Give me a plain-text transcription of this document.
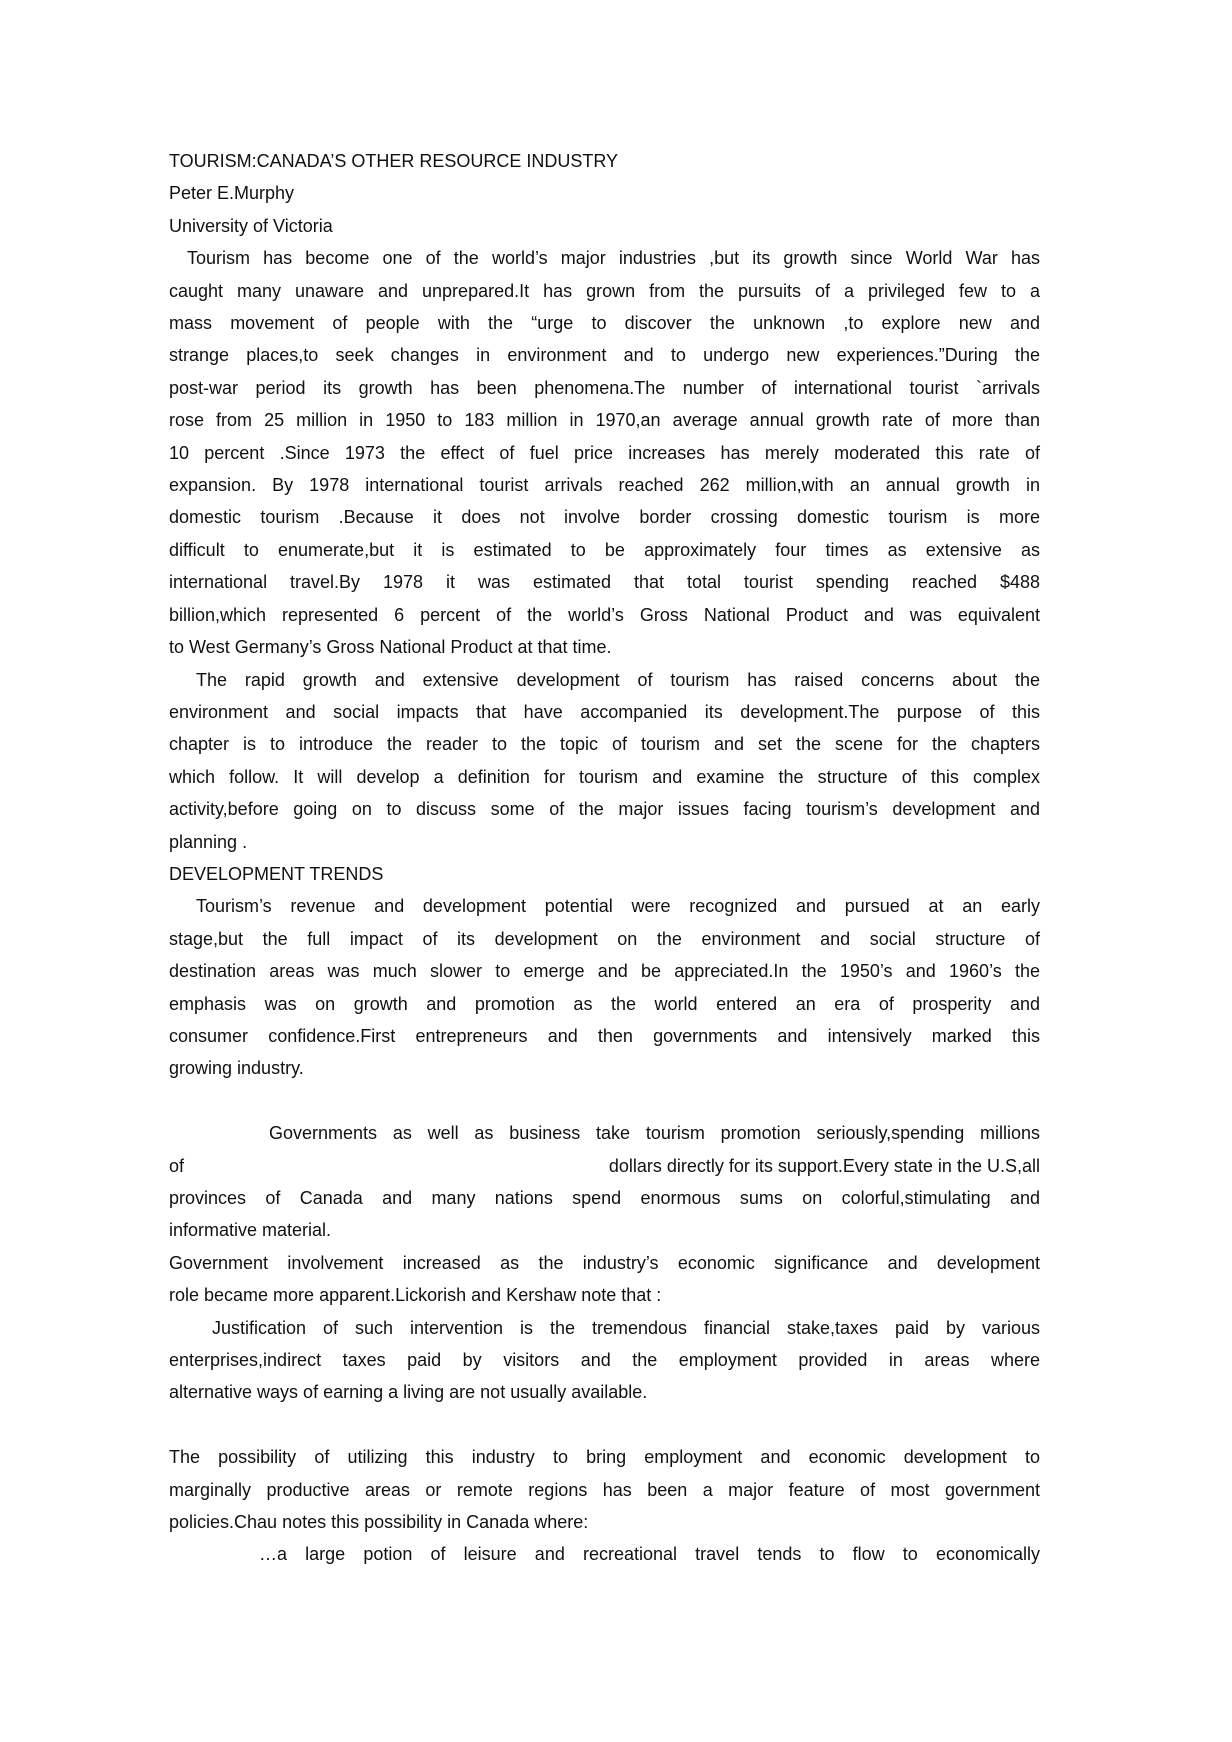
TOURISM:CANADA’S OTHER RESOURCE INDUSTRY
Peter E.Murphy
University of Victoria
Tourism has become one of the world’s major industries ,but its growth since World War has
caught many unaware and unprepared.It has grown from the pursuits of a privileged few to a
mass movement of people with the “urge to discover the unknown ,to explore new and
strange places,to seek changes in environment and to undergo new experiences.”During the
post-war period its growth has been phenomena.The number of international tourist `arrivals
rose from 25 million in 1950 to 183 million in 1970,an average annual growth rate of more than
10 percent .Since 1973 the effect of fuel price increases has merely moderated this rate of
expansion. By 1978 international tourist arrivals reached 262 million,with an annual growth in
domestic tourism .Because it does not involve border crossing domestic tourism is more
difficult to enumerate,but it is estimated to be approximately four times as extensive as
international travel.By 1978 it was estimated that total tourist spending reached $488
billion,which represented 6 percent of the world’s Gross National Product and was equivalent
to West Germany’s Gross National Product at that time.
The rapid growth and extensive development of tourism has raised concerns about the
environment and social impacts that have accompanied its development.The purpose of this
chapter is to introduce the reader to the topic of tourism and set the scene for the chapters
which follow. It will develop a definition for tourism and examine the structure of this complex
activity,before going on to discuss some of the major issues facing tourism’s development and
planning .
DEVELOPMENT TRENDS
Tourism’s revenue and development potential were recognized and pursued at an early
stage,but the full impact of its development on the environment and social structure of
destination areas was much slower to emerge and be appreciated.In the 1950’s and 1960’s the
emphasis was on growth and promotion as the world entered an era of prosperity and
consumer confidence.First entrepreneurs and then governments and intensively marked this
growing industry.
Governments as well as business take tourism promotion seriously,spending millions
of	dollars directly for its support.Every state in the U.S,all
provinces of Canada and many nations spend enormous sums on colorful,stimulating and
informative material.
Government involvement increased as the industry’s economic significance and development
role became more apparent.Lickorish and Kershaw note that :
Justification of such intervention is the tremendous financial stake,taxes paid by various
enterprises,indirect taxes paid by visitors and the employment provided in areas where
alternative ways of earning a living are not usually available.
The possibility of utilizing this industry to bring employment and economic development to
marginally productive areas or remote regions has been a major feature of most government
policies.Chau notes this possibility in Canada where:
…a large potion of leisure and recreational travel tends to flow to economically
